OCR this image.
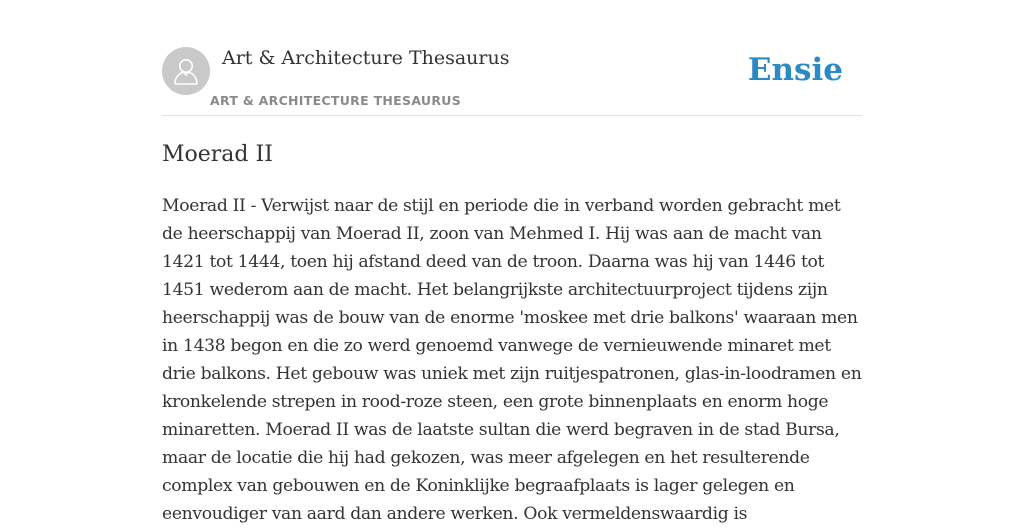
Art & Architecture Thesaurus
ART & ARCHITECTURE THESAURUS
Ensie
Moerad II

Moerad II - Verwijst naar de stijl en periode die in verband worden gebracht met de heerschappij van Moerad II, zoon van Mehmed I. Hij was aan de macht van 1421 tot 1444, toen hij afstand deed van de troon. Daarna was hij van 1446 tot 1451 wederom aan de macht. Het belangrijkste architectuurproject tijdens zijn heerschappij was de bouw van de enorme 'moskee met drie balkons' waaraan men in 1438 begon en die zo werd genoemd vanwege de vernieuwende minaret met drie balkons. Het gebouw was uniek met zijn ruitjespatronen, glas-in-loodramen en kronkelende strepen in rood-roze steen, een grote binnenplaats en enorm hoge minaretten. Moerad II was de laatste sultan die werd begraven in de stad Bursa, maar de locatie die hij had gekozen, was meer afgelegen en het resulterende complex van gebouwen en de Koninklijke begraafplaats is lager gelegen en eenvoudiger van aard dan andere werken. Ook vermeldenswaardig is
